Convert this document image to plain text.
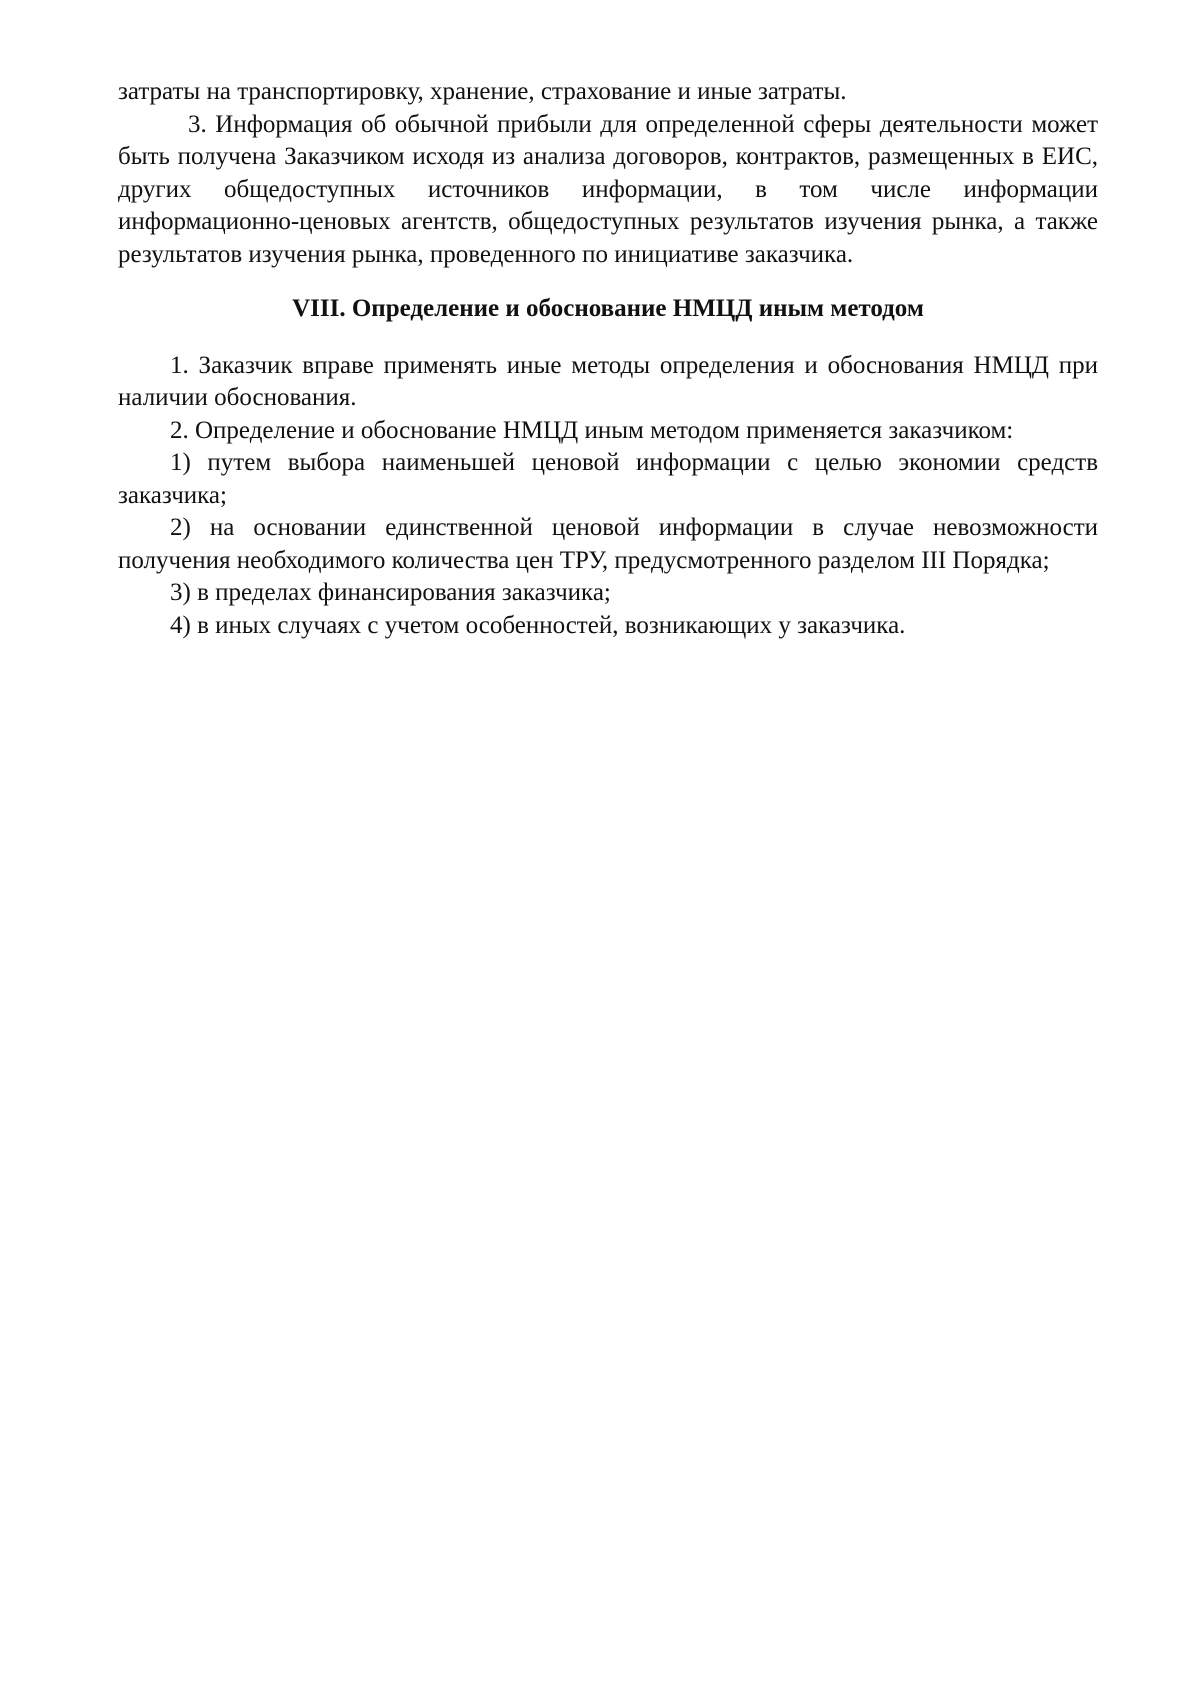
затраты на транспортировку, хранение, страхование и иные затраты.

3. Информация об обычной прибыли для определенной сферы деятельности может быть получена Заказчиком исходя из анализа договоров, контрактов, размещенных в ЕИС, других общедоступных источников информации, в том числе информации информационно-ценовых агентств, общедоступных результатов изучения рынка, а также результатов изучения рынка, проведенного по инициативе заказчика.

VIII. Определение и обоснование НМЦД иным методом

1. Заказчик вправе применять иные методы определения и обоснования НМЦД при наличии обоснования.

2. Определение и обоснование НМЦД иным методом применяется заказчиком:

1) путем выбора наименьшей ценовой информации с целью экономии средств заказчика;

2) на основании единственной ценовой информации в случае невозможности получения необходимого количества цен ТРУ, предусмотренного разделом III Порядка;

3) в пределах финансирования заказчика;

4) в иных случаях с учетом особенностей, возникающих у заказчика.
